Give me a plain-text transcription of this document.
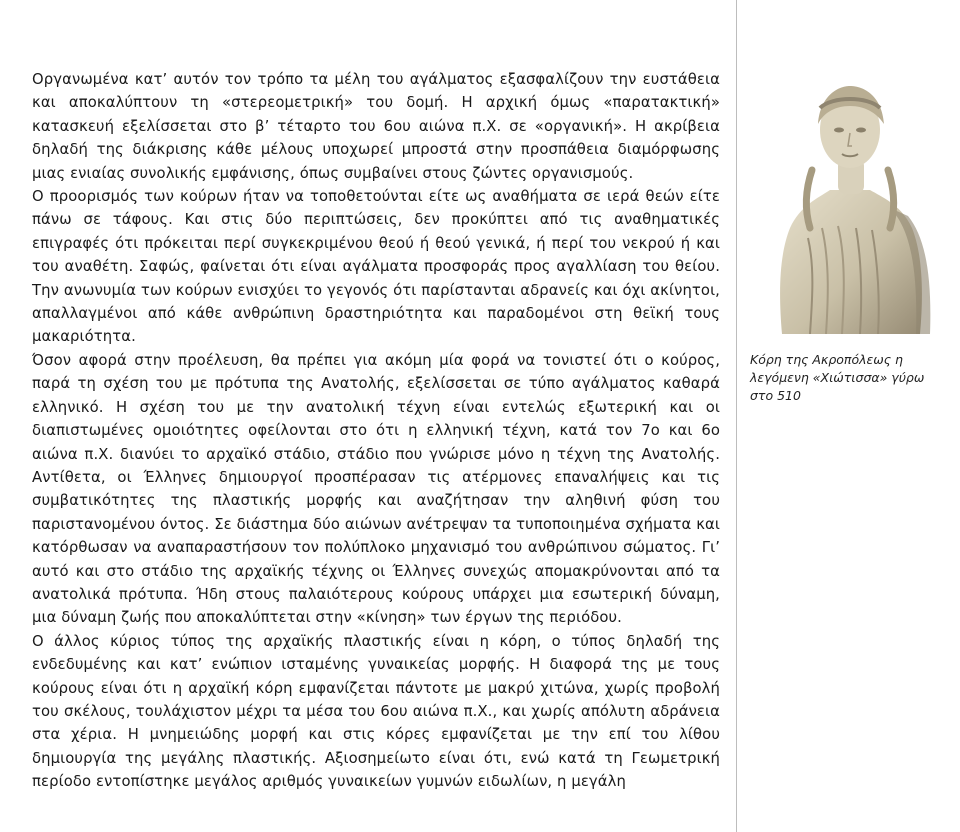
Οργανωμένα κατ’ αυτόν τον τρόπο τα μέλη του αγάλματος εξασφαλίζουν την ευστάθεια και αποκαλύπτουν τη «στερεομετρική» του δομή. Η αρχική όμως «παρατακτική» κατασκευή εξελίσσεται στο β’ τέταρτο του 6ου αιώνα π.Χ. σε «οργανική». Η ακρίβεια δηλαδή της διάκρισης κάθε μέλους υποχωρεί μπροστά στην προσπάθεια διαμόρφωσης μιας ενιαίας συνολικής εμφάνισης, όπως συμβαίνει στους ζώντες οργανισμούς.

Ο προορισμός των κούρων ήταν να τοποθετούνται είτε ως αναθήματα σε ιερά θεών είτε πάνω σε τάφους. Και στις δύο περιπτώσεις, δεν προκύπτει από τις αναθηματικές επιγραφές ότι πρόκειται περί συγκεκριμένου θεού ή θεού γενικά, ή περί του νεκρού ή και του αναθέτη. Σαφώς, φαίνεται ότι είναι αγάλματα προσφοράς προς αγαλλίαση του θείου. Την ανωνυμία των κούρων ενισχύει το γεγονός ότι παρίστανται αδρανείς και όχι ακίνητοι, απαλλαγμένοι από κάθε ανθρώπινη δραστηριότητα και παραδομένοι στη θεϊκή τους μακαριότητα.

Όσον αφορά στην προέλευση, θα πρέπει για ακόμη μία φορά να τονιστεί ότι ο κούρος, παρά τη σχέση του με πρότυπα της Ανατολής, εξελίσσεται σε τύπο αγάλματος καθαρά ελληνικό. Η σχέση του με την ανατολική τέχνη είναι εντελώς εξωτερική και οι διαπιστωμένες ομοιότητες οφείλονται στο ότι η ελληνική τέχνη, κατά τον 7ο και 6ο αιώνα π.Χ. διανύει το αρχαϊκό στάδιο, στάδιο που γνώρισε μόνο η τέχνη της Ανατολής. Αντίθετα, οι Έλληνες δημιουργοί προσπέρασαν τις ατέρμονες επαναλήψεις και τις συμβατικότητες της πλαστικής μορφής και αναζήτησαν την αληθινή φύση του παριστανομένου όντος. Σε διάστημα δύο αιώνων ανέτρεψαν τα τυποποιημένα σχήματα και κατόρθωσαν να αναπαραστήσουν τον πολύπλοκο μηχανισμό του ανθρώπινου σώματος. Γι’ αυτό και στο στάδιο της αρχαϊκής τέχνης οι Έλληνες συνεχώς απομακρύνονται από τα ανατολικά πρότυπα. Ήδη στους παλαιότερους κούρους υπάρχει μια εσωτερική δύναμη, μια δύναμη ζωής που αποκαλύπτεται στην «κίνηση» των έργων της περιόδου.

Ο άλλος κύριος τύπος της αρχαϊκής πλαστικής είναι η κόρη, ο τύπος δηλαδή της ενδεδυμένης και κατ’ ενώπιον ισταμένης γυναικείας μορφής. Η διαφορά της με τους κούρους είναι ότι η αρχαϊκή κόρη εμφανίζεται πάντοτε με μακρύ χιτώνα, χωρίς προβολή του σκέλους, τουλάχιστον μέχρι τα μέσα του 6ου αιώνα π.Χ., και χωρίς απόλυτη αδράνεια στα χέρια. Η μνημειώδης μορφή και στις κόρες εμφανίζεται με την επί του λίθου δημιουργία της μεγάλης πλαστικής. Αξιοσημείωτο είναι ότι, ενώ κατά τη Γεωμετρική περίοδο εντοπίστηκε μεγάλος αριθμός γυναικείων γυμνών ειδωλίων, η μεγάλη

Κόρη της Ακροπόλεως η λεγόμενη «Χιώτισσα» γύρω στο 510
